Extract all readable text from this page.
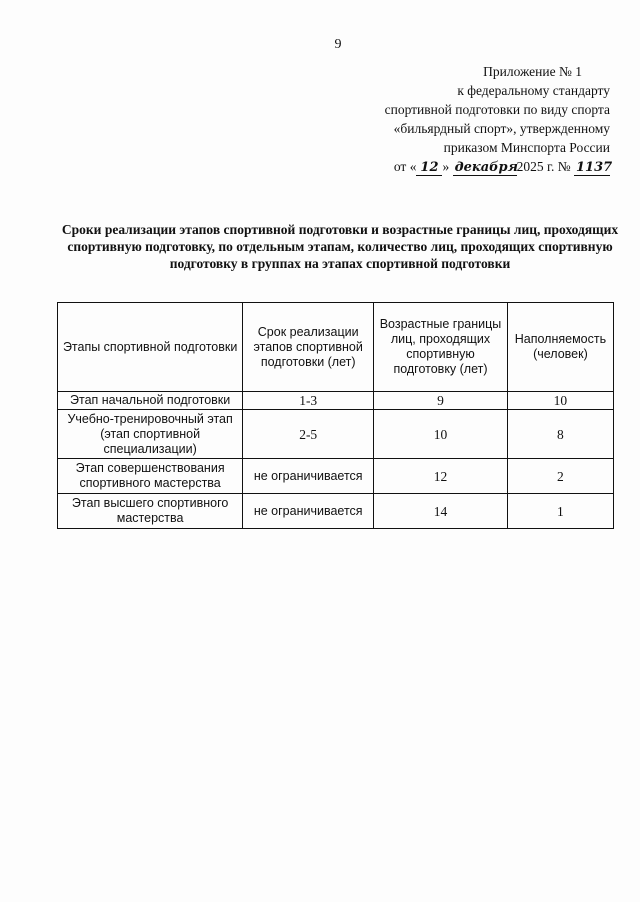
9
Приложение № 1
к федеральному стандарту
спортивной подготовки по виду спорта
«бильярдный спорт», утвержденному
приказом Минспорта России
от « 12 » декабря2025 г. № 1137
Сроки реализации этапов спортивной подготовки и возрастные границы лиц, проходящих спортивную подготовку, по отдельным этапам, количество лиц, проходящих спортивную подготовку в группах на этапах спортивной подготовки
Этапы спортивной подготовки	Срок реализации этапов спортивной подготовки (лет)	Возрастные границы лиц, проходящих спортивную подготовку (лет)	Наполняемость (человек)
Этап начальной подготовки	1-3	9	10
Учебно-тренировочный этап (этап спортивной специализации)	2-5	10	8
Этап совершенствования спортивного мастерства	не ограничивается	12	2
Этап высшего спортивного мастерства	не ограничивается	14	1
